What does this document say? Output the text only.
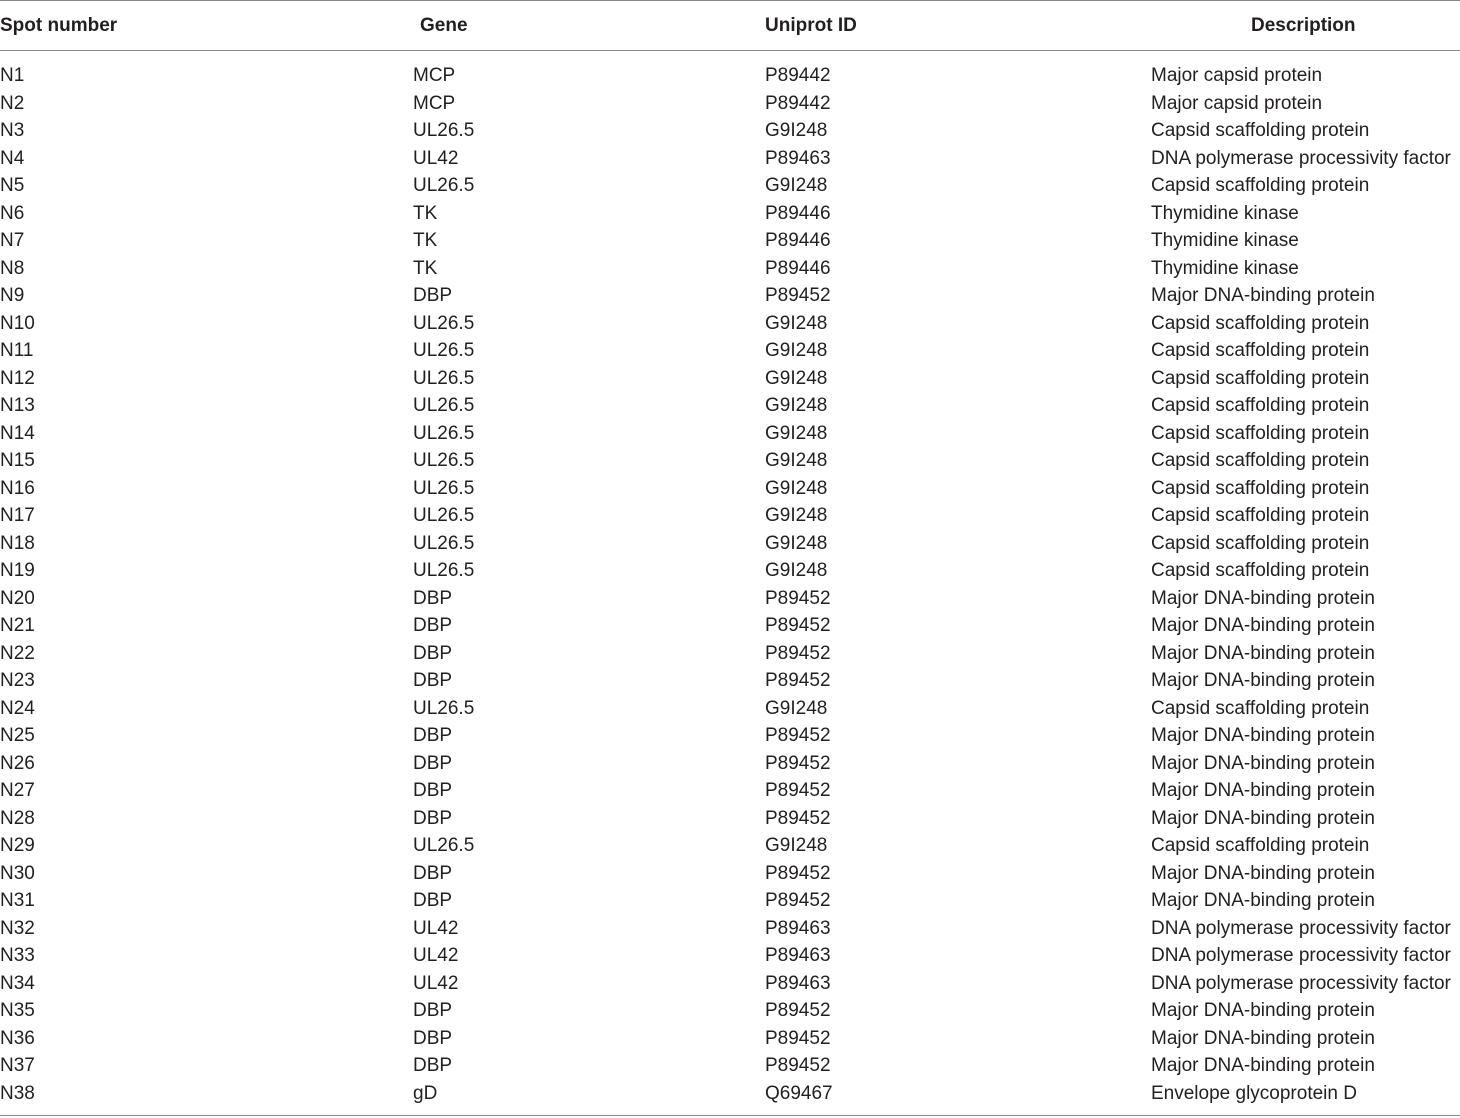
Spot number	Gene	Uniprot ID	Description
N1	MCP	P89442	Major capsid protein
N2	MCP	P89442	Major capsid protein
N3	UL26.5	G9I248	Capsid scaffolding protein
N4	UL42	P89463	DNA polymerase processivity factor
N5	UL26.5	G9I248	Capsid scaffolding protein
N6	TK	P89446	Thymidine kinase
N7	TK	P89446	Thymidine kinase
N8	TK	P89446	Thymidine kinase
N9	DBP	P89452	Major DNA-binding protein
N10	UL26.5	G9I248	Capsid scaffolding protein
N11	UL26.5	G9I248	Capsid scaffolding protein
N12	UL26.5	G9I248	Capsid scaffolding protein
N13	UL26.5	G9I248	Capsid scaffolding protein
N14	UL26.5	G9I248	Capsid scaffolding protein
N15	UL26.5	G9I248	Capsid scaffolding protein
N16	UL26.5	G9I248	Capsid scaffolding protein
N17	UL26.5	G9I248	Capsid scaffolding protein
N18	UL26.5	G9I248	Capsid scaffolding protein
N19	UL26.5	G9I248	Capsid scaffolding protein
N20	DBP	P89452	Major DNA-binding protein
N21	DBP	P89452	Major DNA-binding protein
N22	DBP	P89452	Major DNA-binding protein
N23	DBP	P89452	Major DNA-binding protein
N24	UL26.5	G9I248	Capsid scaffolding protein
N25	DBP	P89452	Major DNA-binding protein
N26	DBP	P89452	Major DNA-binding protein
N27	DBP	P89452	Major DNA-binding protein
N28	DBP	P89452	Major DNA-binding protein
N29	UL26.5	G9I248	Capsid scaffolding protein
N30	DBP	P89452	Major DNA-binding protein
N31	DBP	P89452	Major DNA-binding protein
N32	UL42	P89463	DNA polymerase processivity factor
N33	UL42	P89463	DNA polymerase processivity factor
N34	UL42	P89463	DNA polymerase processivity factor
N35	DBP	P89452	Major DNA-binding protein
N36	DBP	P89452	Major DNA-binding protein
N37	DBP	P89452	Major DNA-binding protein
N38	gD	Q69467	Envelope glycoprotein D
